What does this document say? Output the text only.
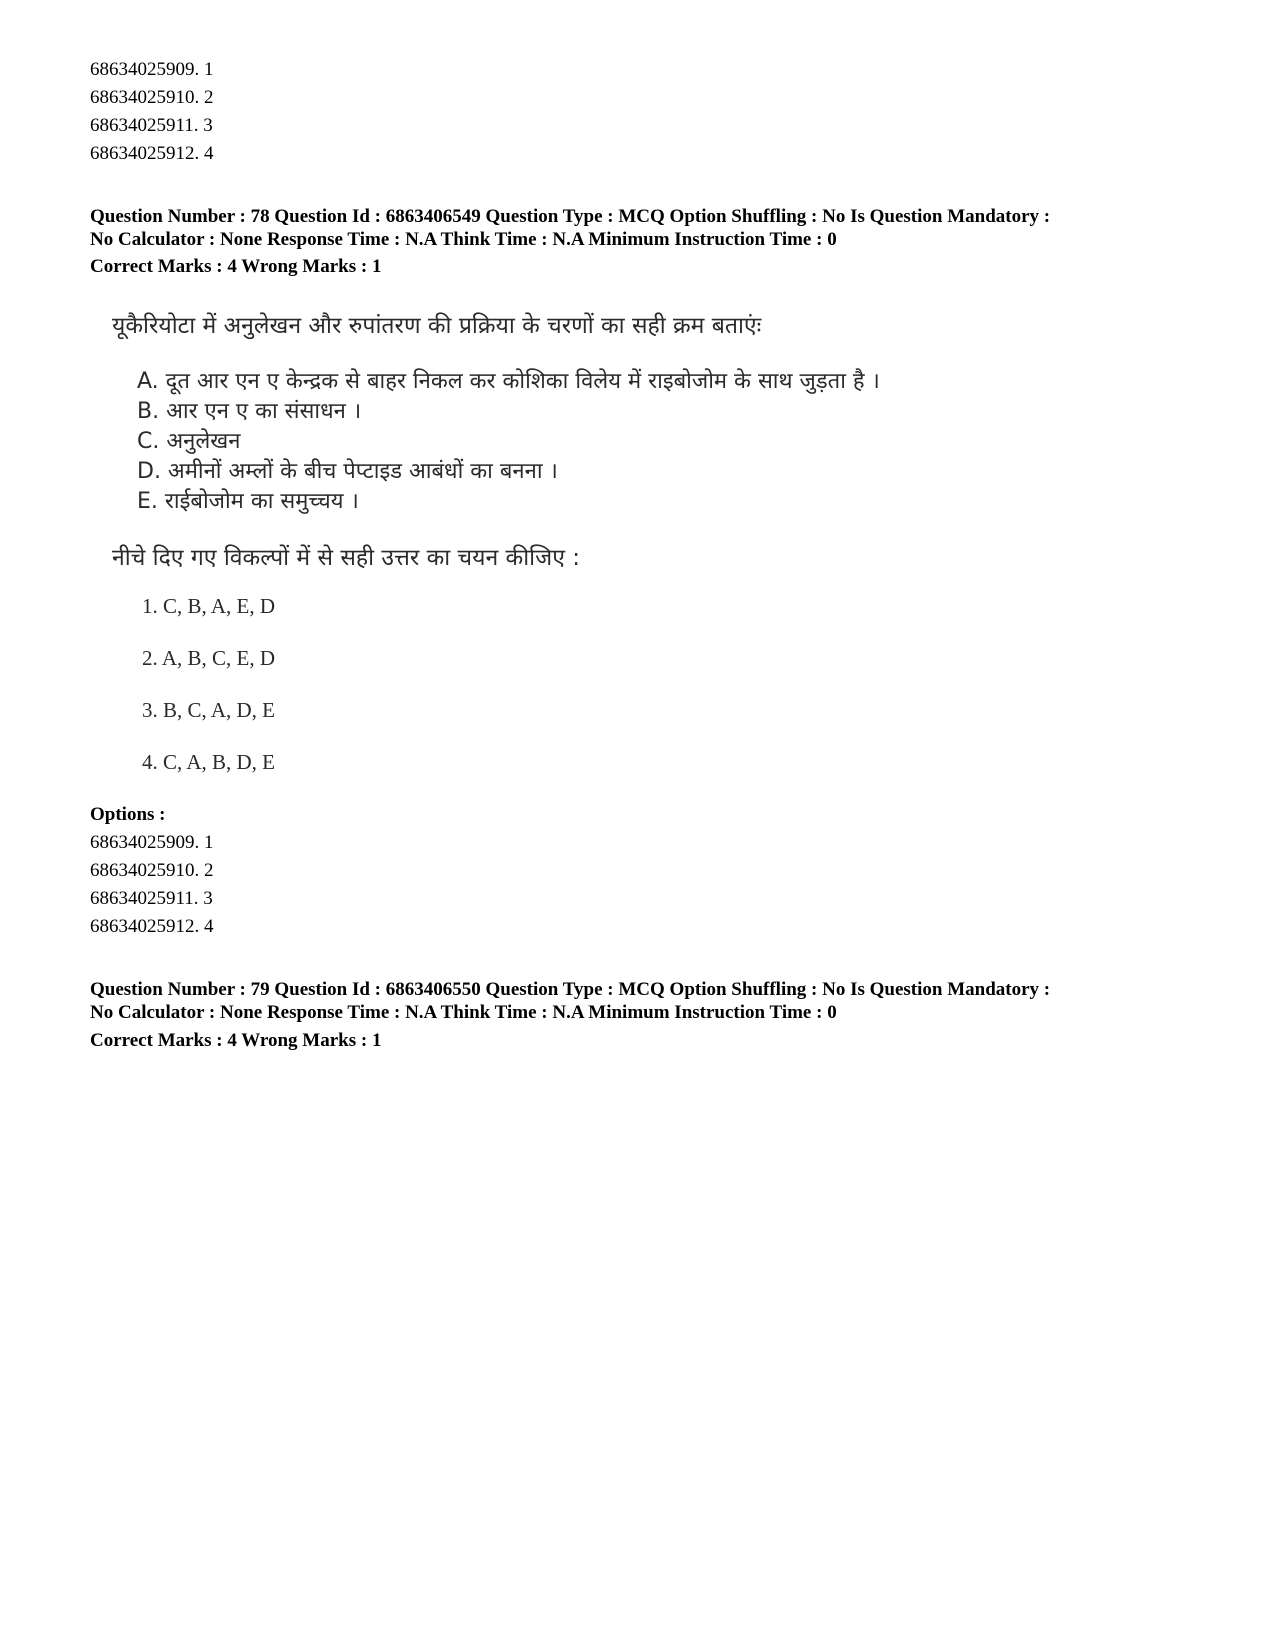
68634025909. 1
68634025910. 2
68634025911. 3
68634025912. 4
Question Number : 78 Question Id : 6863406549 Question Type : MCQ Option Shuffling : No Is Question Mandatory :
No Calculator : None Response Time : N.A Think Time : N.A Minimum Instruction Time : 0
Correct Marks : 4 Wrong Marks : 1
यूकैरियोटा में अनुलेखन और रुपांतरण की प्रक्रिया के चरणों का सही क्रम बताएंः
A. दूत आर एन ए केन्द्रक से बाहर निकल कर कोशिका विलेय में राइबोजोम के साथ जुड़ता है ।
B. आर एन ए का संसाधन ।
C. अनुलेखन
D. अमीनों अम्लों के बीच पेप्टाइड आबंधों का बनना ।
E. राईबोजोम का समुच्चय ।
नीचे दिए गए विकल्पों में से सही उत्तर का चयन कीजिए :
1. C, B, A, E, D
2. A, B, C, E, D
3. B, C, A, D, E
4. C, A, B, D, E
Options :
68634025909. 1
68634025910. 2
68634025911. 3
68634025912. 4
Question Number : 79 Question Id : 6863406550 Question Type : MCQ Option Shuffling : No Is Question Mandatory :
No Calculator : None Response Time : N.A Think Time : N.A Minimum Instruction Time : 0
Correct Marks : 4 Wrong Marks : 1
